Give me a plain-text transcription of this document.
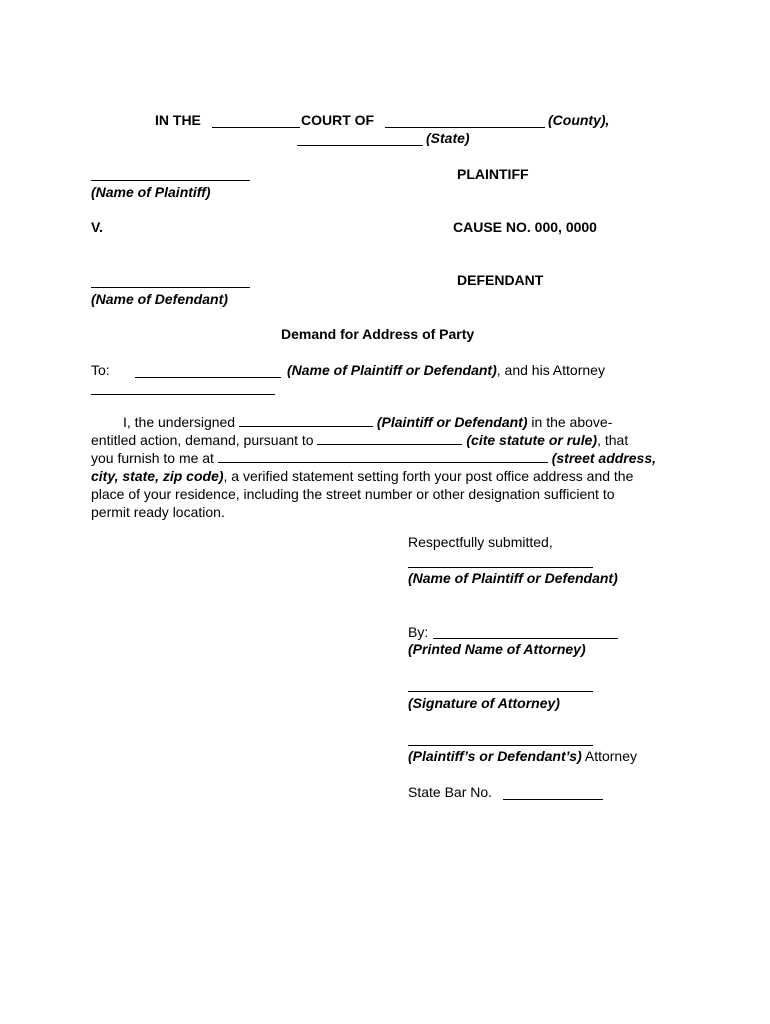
IN THE	COURT OF	(County),
(State)
PLAINTIFF
(Name of Plaintiff)
V.	CAUSE NO. 000, 0000
DEFENDANT
(Name of Defendant)
Demand for Address of Party
To:	(Name of Plaintiff or Defendant), and his Attorney
I, the undersigned	(Plaintiff or Defendant) in the above-
entitled action, demand, pursuant to	(cite statute or rule), that
you furnish to me at	(street address,
city, state, zip code), a verified statement setting forth your post office address and the
place of your residence, including the street number or other designation sufficient to
permit ready location.
Respectfully submitted,
(Name of Plaintiff or Defendant)
By:
(Printed Name of Attorney)
(Signature of Attorney)
(Plaintiff’s or Defendant’s) Attorney
State Bar No.
